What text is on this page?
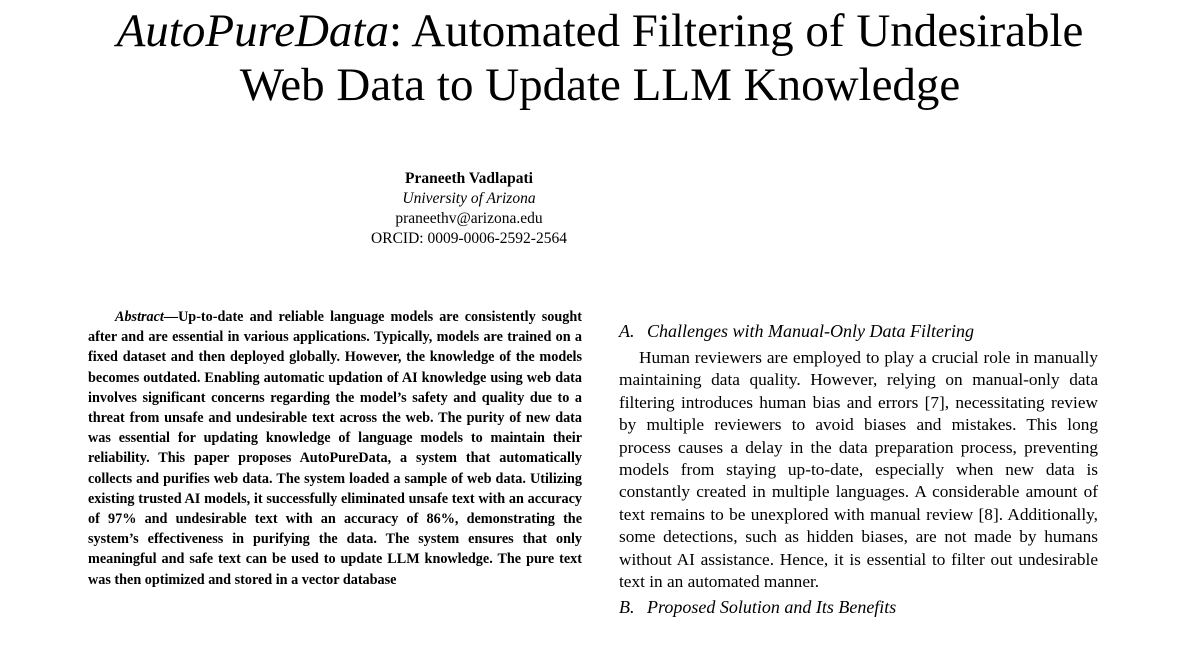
AutoPureData: Automated Filtering of Undesirable
Web Data to Update LLM Knowledge
Praneeth Vadlapati
University of Arizona
praneethv@arizona.edu
ORCID: 0009-0006-2592-2564
Abstract—Up-to-date and reliable language models are consistently sought after and are essential in various applications. Typically, models are trained on a fixed dataset and then deployed globally. However, the knowledge of the models becomes outdated. Enabling automatic updation of AI knowledge using web data involves significant concerns regarding the model’s safety and quality due to a threat from unsafe and undesirable text across the web. The purity of new data was essential for updating knowledge of language models to maintain their reliability. This paper proposes AutoPureData, a system that automatically collects and purifies web data. The system loaded a sample of web data. Utilizing existing trusted AI models, it successfully eliminated unsafe text with an accuracy of 97% and undesirable text with an accuracy of 86%, demonstrating the system’s effectiveness in purifying the data. The system ensures that only meaningful and safe text can be used to update LLM knowledge. The pure text was then optimized and stored in a vector database
A. Challenges with Manual-Only Data Filtering
Human reviewers are employed to play a crucial role in manually maintaining data quality. However, relying on manual-only data filtering introduces human bias and errors [7], necessitating review by multiple reviewers to avoid biases and mistakes. This long process causes a delay in the data preparation process, preventing models from staying up-to-date, especially when new data is constantly created in multiple languages. A considerable amount of text remains to be unexplored with manual review [8]. Additionally, some detections, such as hidden biases, are not made by humans without AI assistance. Hence, it is essential to filter out undesirable text in an automated manner.
B. Proposed Solution and Its Benefits
